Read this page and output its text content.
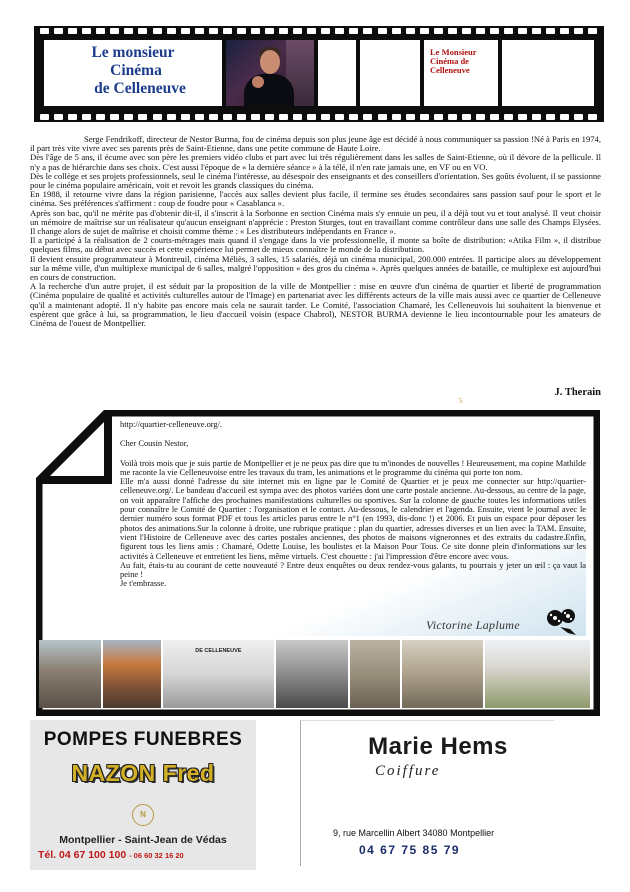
Le monsieur
Cinéma
de Celleneuve
Le Monsieur
Cinéma de
Celleneuve

Serge Fendrikoff, directeur de Nestor Burma, fou de cinéma depuis son plus jeune âge est décidé à nous communiquer sa passion !Né à Paris en 1974, il part très vite vivre avec ses parents près de Saint-Etienne, dans une petite commune de Haute Loire.

Dès l'âge de 5 ans, il écume avec son père les premiers vidéo clubs et part avec lui très régulièrement dans les salles de Saint-Etienne, où il dévore de la pellicule. Il n'y a pas de hiérarchie dans ses choix. C'est aussi l'époque de « la dernière séance » à la télé, il n'en rate jamais une, en VF ou en VO.

Dès le collège et ses projets professionnels, seul le cinéma l'intéresse, au désespoir des enseignants et des conseillers d'orientation. Ses goûts évoluent, il se passionne pour le cinéma populaire américain, voit et revoit les grands classiques du cinéma.

En 1988, il retourne vivre dans la région parisienne, l'accès aux salles devient plus facile, il termine ses études secondaires sans passion sauf pour le sport et le cinéma. Ses préférences s'affirment : coup de foudre pour « Casablanca ».

Après son bac, qu'il ne mérite pas d'obtenir dit-il, il s'inscrit à la Sorbonne en section Cinéma mais s'y ennuie un peu, il a déjà tout vu et tout analysé. Il veut choisir un mémoire de maîtrise sur un réalisateur qu'aucun enseignant n'apprécie : Preston Sturges, tout en travaillant comme contrôleur dans une salle des Champs Elysées. Il change alors de sujet de maîtrise et choisit comme thème : « Les distributeurs indépendants en France ».

Il a participé à la réalisation de 2 courts-métrages mais quand il s'engage dans la vie professionnelle, il monte sa boîte de distribution: «Atika Film », il distribue quelques films, au début avec succès et cette expérience lui permet de mieux connaître le monde de la distribution.

Il devient ensuite programmateur à Montreuil, cinéma Méliès, 3 salles, 15 salariés, déjà un cinéma municipal, 200.000 entrées. Il participe alors au développement sur la même ville, d'un multiplexe municipal de 6 salles, malgré l'opposition « des gros du cinéma ». Après quelques années de bataille, ce multiplexe est aujourd'hui en cours de construction.

A la recherche d'un autre projet, il est séduit par la proposition de la ville de Montpellier : mise en œuvre d'un cinéma de quartier et liberté de programmation (Cinéma populaire de qualité et activités culturelles autour de l'Image) en partenariat avec les différents acteurs de la ville mais aussi avec ce quartier de Celleneuve qu'il a maintenant adopté. Il n'y habite pas encore mais cela ne saurait tarder. Le Comité, l'association Chamaré, les Celleneuvois lui souhaitent la bienvenue et espèrent que grâce à lui, sa programmation, le lieu d'accueil voisin (espace Chabrol), NESTOR BURMA devienne le lieu incontournable pour les amateurs de Cinéma de l'ouest de Montpellier.

J. Therain
5
http://quartier-celleneuve.org/.
Cher Cousin Nestor,
Voilà trois mois que je suis partie de Montpellier et je ne peux pas dire que tu m'inondes de nouvelles ! Heureusement, ma copine Mathilde me raconte la vie Celleneuvoise entre les travaux du tram, les animations et le programme du cinéma qui porte ton nom.
Elle m'a aussi donné l'adresse du site internet mis en ligne par le Comité de Quartier et je peux me connecter sur http://quartier-celleneuve.org/. Le bandeau d'accueil est sympa avec des photos variées dont une carte postale ancienne. Au-dessous, au centre de la page, on voit apparaître l'affiche des prochaines manifestations culturelles ou sportives. Sur la colonne de gauche toutes les informations utiles pour connaître le Comité de Quartier : l'organisation et le contact. Au-dessous, le calendrier et l'agenda. Ensuite, vient le journal avec le dernier numéro sous format PDF et tous les articles parus entre le n°1 (en 1993, dis-donc !) et 2006. Et puis un espace pour déposer les photos des animations.Sur la colonne à droite, une rubrique pratique : plan du quartier, adresses diverses et un lien avec la TAM. Ensuite, vient l'Histoire de Celleneuve avec des cartes postales anciennes, des photos de maisons vigneronnes et des extraits du cadastre.Enfin, figurent tous les liens amis : Chamaré, Odette Louise, les boulistes et la Maison Pour Tous. Ce site donne plein d'informations sur les activités à Celleneuve et entretient les liens, même virtuels. C'est chouette : j'ai l'impression d'être encore avec vous.
Au fait, étais-tu au courant de cette nouveauté ? Entre deux enquêtes ou deux rendez-vous galants, tu pourrais y jeter un œil : ça vaut la peine !
Je t'embrasse.
Victorine Laplume
DE CELLENEUVE
POMPES FUNEBRES
NAZON Fred
N
Montpellier - Saint-Jean de Védas
Tél. 04 67 100 100 - 06 60 32 16 20
Marie Hems
Coiffure
9, rue Marcellin Albert 34080 Montpellier
04 67 75 85 79
